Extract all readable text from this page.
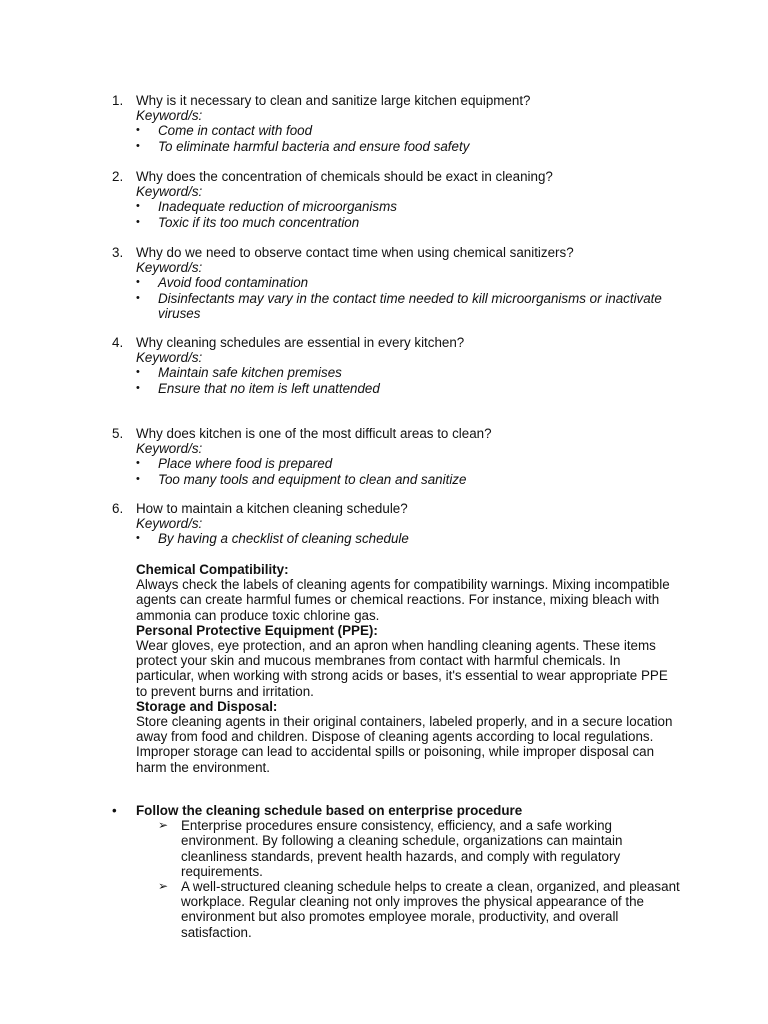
1. Why is it necessary to clean and sanitize large kitchen equipment?
Keyword/s:
• Come in contact with food
• To eliminate harmful bacteria and ensure food safety
2. Why does the concentration of chemicals should be exact in cleaning?
Keyword/s:
• Inadequate reduction of microorganisms
• Toxic if its too much concentration
3. Why do we need to observe contact time when using chemical sanitizers?
Keyword/s:
• Avoid food contamination
• Disinfectants may vary in the contact time needed to kill microorganisms or inactivate viruses
4. Why cleaning schedules are essential in every kitchen?
Keyword/s:
• Maintain safe kitchen premises
• Ensure that no item is left unattended
5. Why does kitchen is one of the most difficult areas to clean?
Keyword/s:
• Place where food is prepared
• Too many tools and equipment to clean and sanitize
6. How to maintain a kitchen cleaning schedule?
Keyword/s:
• By having a checklist of cleaning schedule
Chemical Compatibility:
Always check the labels of cleaning agents for compatibility warnings. Mixing incompatible agents can create harmful fumes or chemical reactions. For instance, mixing bleach with ammonia can produce toxic chlorine gas.
Personal Protective Equipment (PPE):
Wear gloves, eye protection, and an apron when handling cleaning agents. These items protect your skin and mucous membranes from contact with harmful chemicals. In particular, when working with strong acids or bases, it's essential to wear appropriate PPE to prevent burns and irritation.
Storage and Disposal:
Store cleaning agents in their original containers, labeled properly, and in a secure location away from food and children. Dispose of cleaning agents according to local regulations. Improper storage can lead to accidental spills or poisoning, while improper disposal can harm the environment.
• Follow the cleaning schedule based on enterprise procedure
➢ Enterprise procedures ensure consistency, efficiency, and a safe working environment. By following a cleaning schedule, organizations can maintain cleanliness standards, prevent health hazards, and comply with regulatory requirements.
➢ A well-structured cleaning schedule helps to create a clean, organized, and pleasant workplace. Regular cleaning not only improves the physical appearance of the environment but also promotes employee morale, productivity, and overall satisfaction.
